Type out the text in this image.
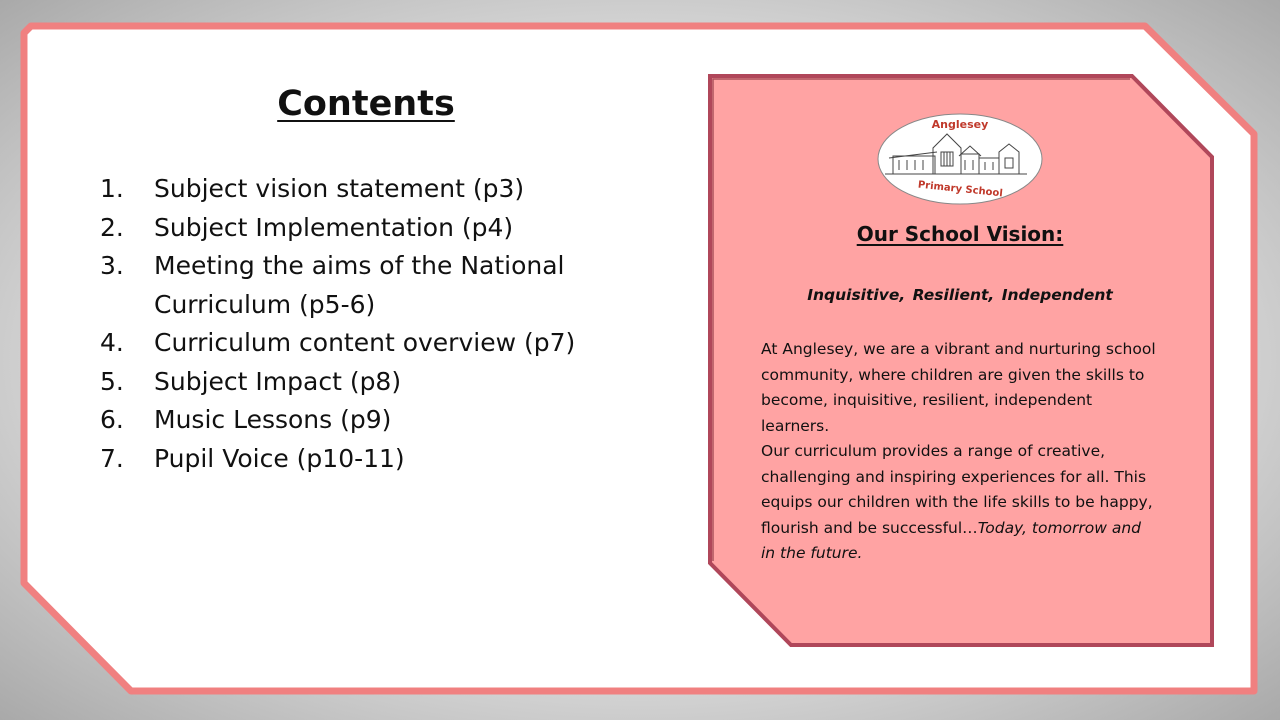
Contents
1.	Subject vision statement (p3)
2.	Subject Implementation (p4)
3.	Meeting the aims of the National Curriculum (p5-6)
4.	Curriculum content overview (p7)
5.	Subject Impact (p8)
6.	Music Lessons (p9)
7.	Pupil Voice (p10-11)
Anglesey
Primary School
Our School Vision:
Inquisitive, Resilient, Independent

At Anglesey, we are a vibrant and nurturing school community, where children are given the skills to become, inquisitive, resilient, independent learners.

Our curriculum provides a range of creative, challenging and inspiring experiences for all. This equips our children with the life skills to be happy, flourish and be successful…Today, tomorrow and in the future.
